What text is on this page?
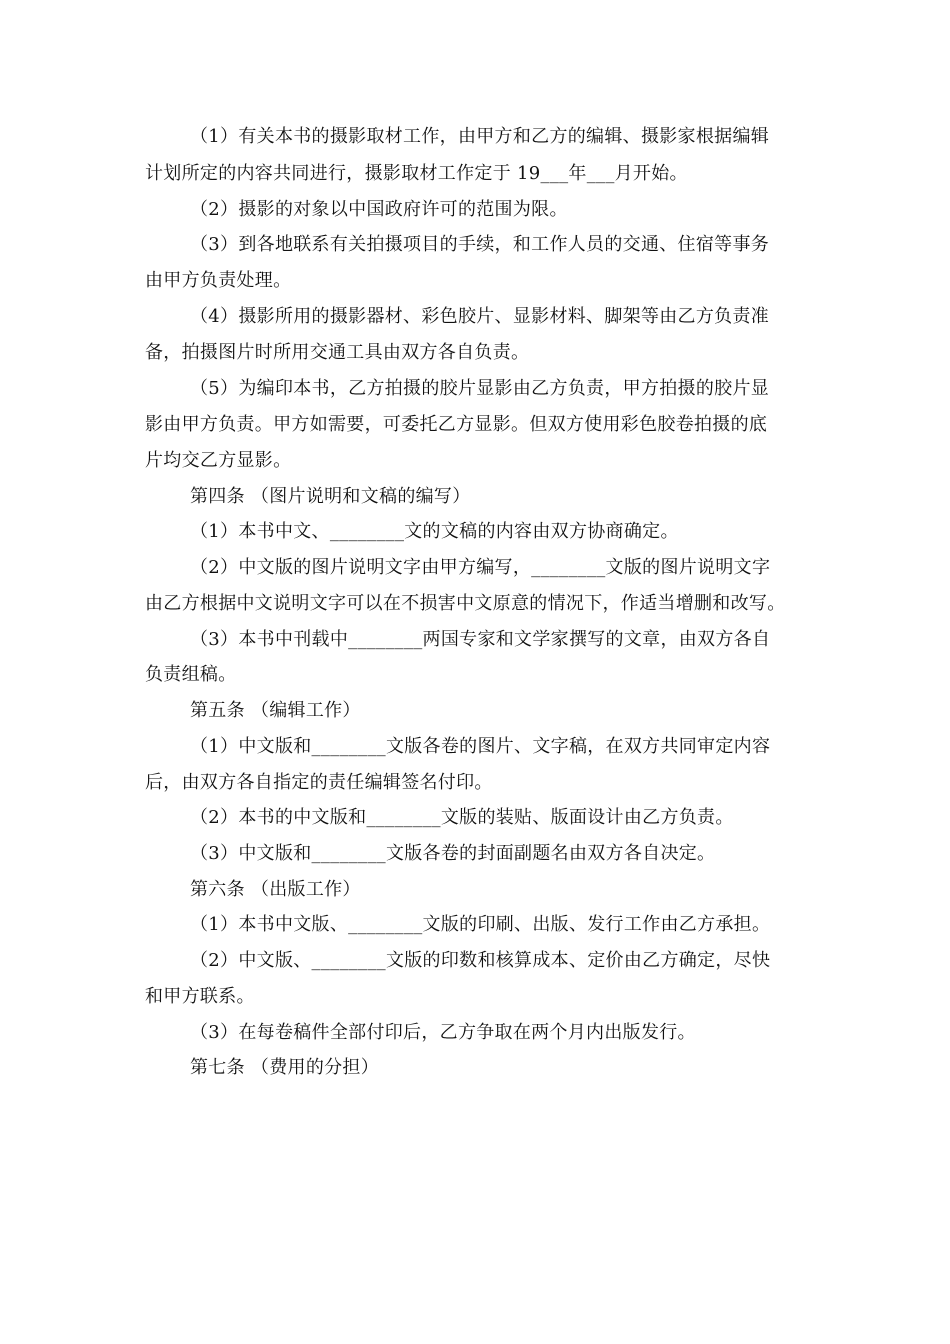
（1）有关本书的摄影取材工作，由甲方和乙方的编辑、摄影家根据编辑
计划所定的内容共同进行，摄影取材工作定于 19___年___月开始。
（2）摄影的对象以中国政府许可的范围为限。
（3）到各地联系有关拍摄项目的手续，和工作人员的交通、住宿等事务
由甲方负责处理。
（4）摄影所用的摄影器材、彩色胶片、显影材料、脚架等由乙方负责准
备，拍摄图片时所用交通工具由双方各自负责。
（5）为编印本书，乙方拍摄的胶片显影由乙方负责，甲方拍摄的胶片显
影由甲方负责。甲方如需要，可委托乙方显影。但双方使用彩色胶卷拍摄的底
片均交乙方显影。
第四条 （图片说明和文稿的编写）
（1）本书中文、________文的文稿的内容由双方协商确定。
（2）中文版的图片说明文字由甲方编写，________文版的图片说明文字
由乙方根据中文说明文字可以在不损害中文原意的情况下，作适当增删和改写。
（3）本书中刊载中________两国专家和文学家撰写的文章，由双方各自
负责组稿。
第五条 （编辑工作）
（1）中文版和________文版各卷的图片、文字稿，在双方共同审定内容
后，由双方各自指定的责任编辑签名付印。
（2）本书的中文版和________文版的装贴、版面设计由乙方负责。
（3）中文版和________文版各卷的封面副题名由双方各自决定。
第六条 （出版工作）
（1）本书中文版、________文版的印刷、出版、发行工作由乙方承担。
（2）中文版、________文版的印数和核算成本、定价由乙方确定，尽快
和甲方联系。
（3）在每卷稿件全部付印后，乙方争取在两个月内出版发行。
第七条 （费用的分担）
